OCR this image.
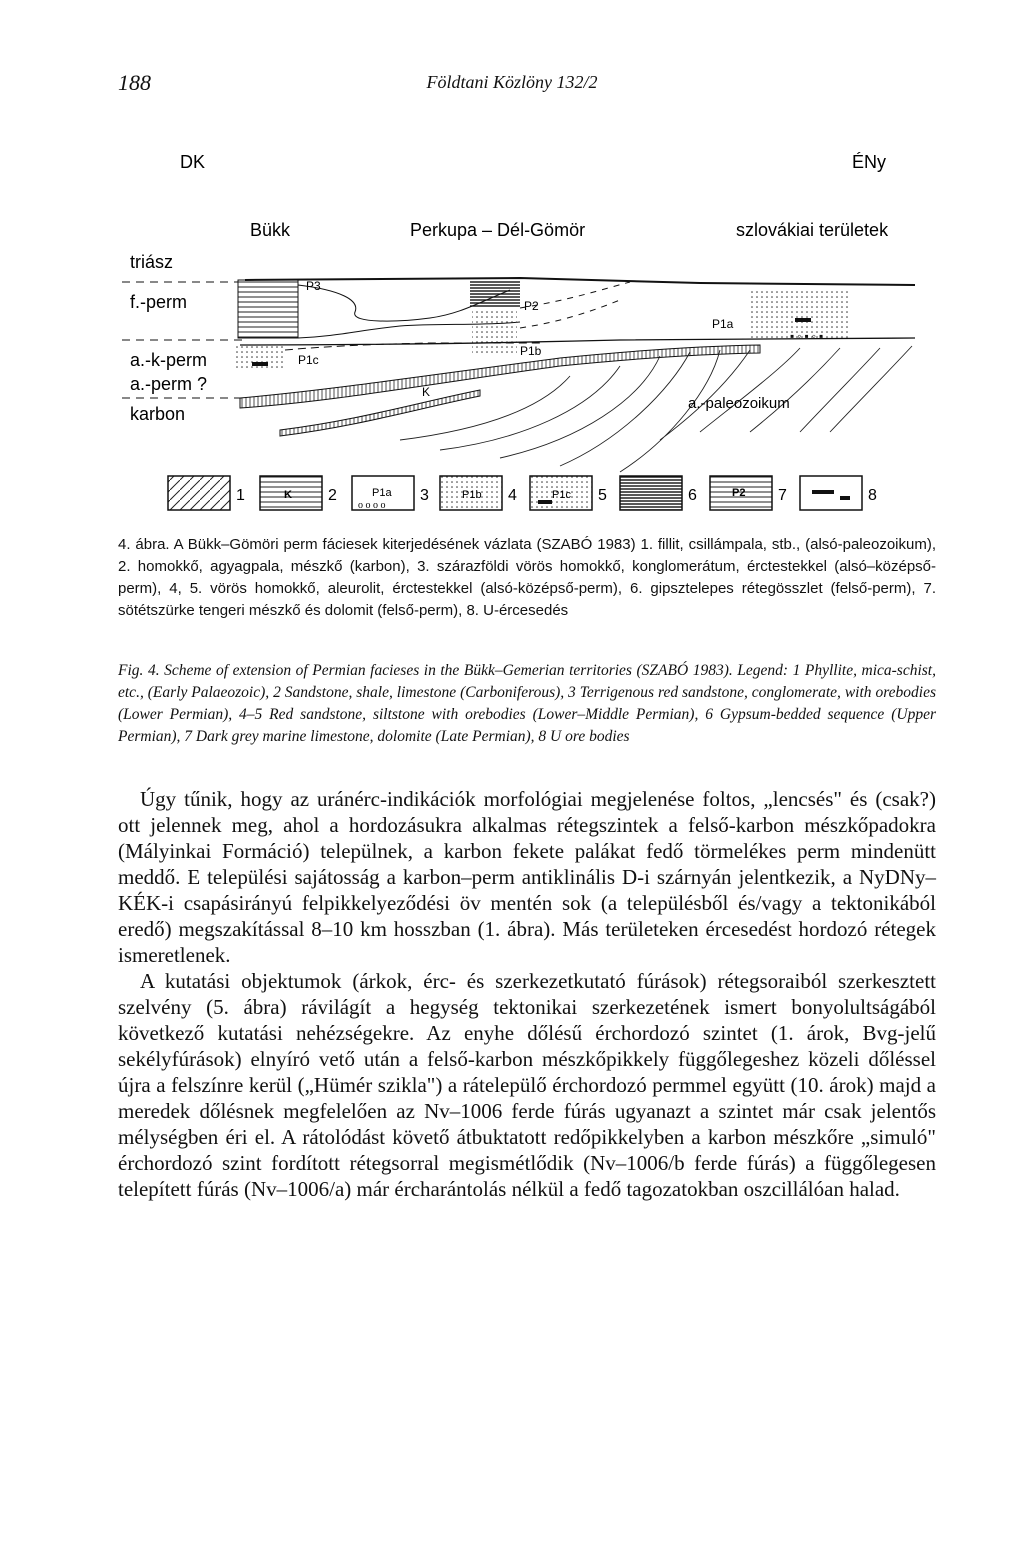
188	Földtani Közlöny 132/2
DK	ÉNy
Bükk	Perkupa – Dél-Gömör	szlovákiai területek
triász
f.-perm
a.-k-perm
a.-perm ?
karbon
P3
P1c
P2
P1b
P1a
▪ ◦ ▪ ◦ ▪
K
a.-paleozoikum
1	K 2	P1a
o o o o
3	P1b 4	P1c 5	6	P2 7	8
4. ábra. A Bükk–Gömöri perm fáciesek kiterjedésének vázlata (SZABÓ 1983) 1. fillit, csillámpala, stb., (alsó-paleozoikum), 2. homokkő, agyagpala, mészkő (karbon), 3. szárazföldi vörös homokkő, konglomerátum, érctestekkel (alsó–középső-perm), 4, 5. vörös homokkő, aleurolit, érctestekkel (alsó-középső-perm), 6. gipsztelepes rétegösszlet (felső-perm), 7. sötétszürke tengeri mészkő és dolomit (felső-perm), 8. U-ércesedés
Fig. 4. Scheme of extension of Permian facieses in the Bükk–Gemerian territories (SZABÓ 1983). Legend: 1 Phyllite, mica-schist, etc., (Early Palaeozoic), 2 Sandstone, shale, limestone (Carboniferous), 3 Terrigenous red sandstone, conglomerate, with orebodies (Lower Permian), 4–5 Red sandstone, siltstone with orebodies (Lower–Middle Permian), 6 Gypsum-bedded sequence (Upper Permian), 7 Dark grey marine limestone, dolomite (Late Permian), 8 U ore bodies

Úgy tűnik, hogy az uránérc-indikációk morfológiai megjelenése foltos, „lencsés" és (csak?) ott jelennek meg, ahol a hordozásukra alkalmas rétegszintek a felső-karbon mészkőpadokra (Mályinkai Formáció) települnek, a karbon fekete palákat fedő törmelékes perm mindenütt meddő. E települési sajátosság a karbon–perm antiklinális D-i szárnyán jelentkezik, a NyDNy–KÉK-i csapásirányú felpikkelyeződési öv mentén sok (a településből és/vagy a tektonikából eredő) megszakítással 8–10 km hosszban (1. ábra). Más területeken ércesedést hordozó rétegek ismeretlenek.

A kutatási objektumok (árkok, érc- és szerkezetkutató fúrások) rétegsoraiból szerkesztett szelvény (5. ábra) rávilágít a hegység tektonikai szerkezetének ismert bonyolultságából következő kutatási nehézségekre. Az enyhe dőlésű érchordozó szintet (1. árok, Bvg-jelű sekélyfúrások) elnyíró vető után a felső-karbon mészkőpikkely függőlegeshez közeli dőléssel újra a felszínre kerül („Hümér szikla") a rátelepülő érchordozó permmel együtt (10. árok) majd a meredek dőlésnek megfelelően az Nv–1006 ferde fúrás ugyanazt a szintet már csak jelentős mélységben éri el. A rátolódást követő átbuktatott redőpikkelyben a karbon mészkőre „simuló" érchordozó szint fordított rétegsorral megismétlődik (Nv–1006/b ferde fúrás) a függőlegesen telepített fúrás (Nv–1006/a) már ércharántolás nélkül a fedő tagozatokban oszcillálóan halad.
